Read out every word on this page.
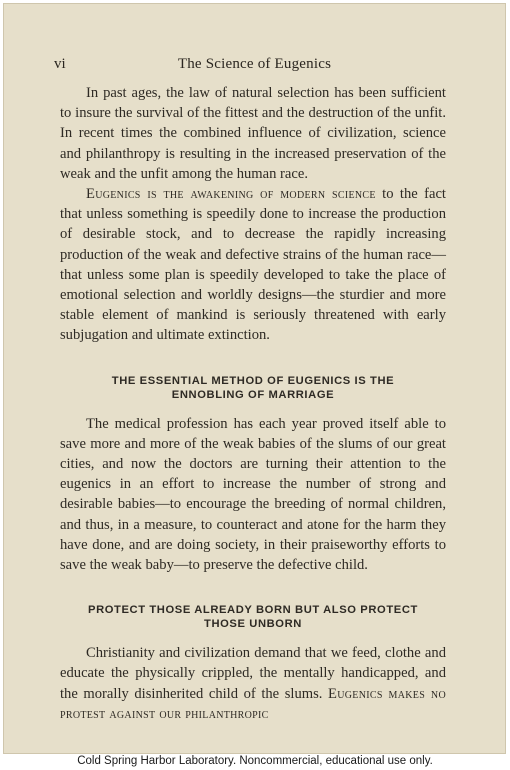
vi	The Science of Eugenics

In past ages, the law of natural selection has been sufficient to insure the survival of the fittest and the destruction of the unfit. In recent times the combined influence of civilization, science and philanthropy is resulting in the increased preservation of the weak and the unfit among the human race.

Eugenics is the awakening of modern science to the fact that unless something is speedily done to increase the production of desirable stock, and to decrease the rapidly increasing production of the weak and defective strains of the human race—that unless some plan is speedily developed to take the place of emotional selection and worldly designs—the sturdier and more stable element of mankind is seriously threatened with early subjugation and ultimate extinction.

THE ESSENTIAL METHOD OF EUGENICS IS THE
ENNOBLING OF MARRIAGE

The medical profession has each year proved itself able to save more and more of the weak babies of the slums of our great cities, and now the doctors are turning their attention to the eugenics in an effort to increase the number of strong and desirable babies—to encourage the breeding of normal children, and thus, in a measure, to counteract and atone for the harm they have done, and are doing society, in their praiseworthy efforts to save the weak baby—to preserve the defective child.

PROTECT THOSE ALREADY BORN BUT ALSO PROTECT
THOSE UNBORN

Christianity and civilization demand that we feed, clothe and educate the physically crippled, the mentally handicapped, and the morally disinherited child of the slums. Eugenics makes no protest against our philanthropic

Cold Spring Harbor Laboratory. Noncommercial, educational use only.
